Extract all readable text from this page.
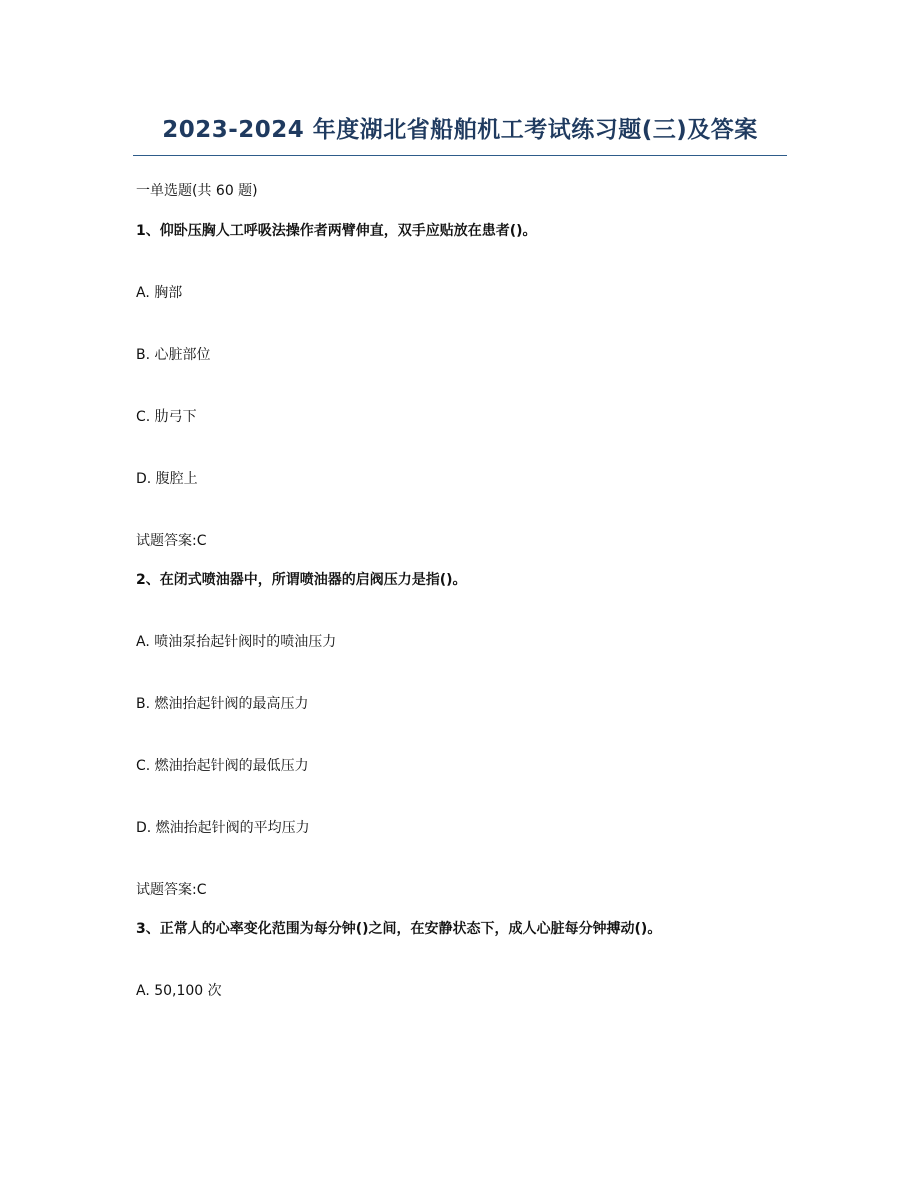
2023-2024 年度湖北省船舶机工考试练习题(三)及答案
一单选题(共 60 题)
1、仰卧压胸人工呼吸法操作者两臂伸直，双手应贴放在患者()。
A. 胸部
B. 心脏部位
C. 肋弓下
D. 腹腔上
试题答案:C
2、在闭式喷油器中，所谓喷油器的启阀压力是指()。
A. 喷油泵抬起针阀时的喷油压力
B. 燃油抬起针阀的最高压力
C. 燃油抬起针阀的最低压力
D. 燃油抬起针阀的平均压力
试题答案:C
3、正常人的心率变化范围为每分钟()之间，在安静状态下，成人心脏每分钟搏动()。
A. 50,100 次
